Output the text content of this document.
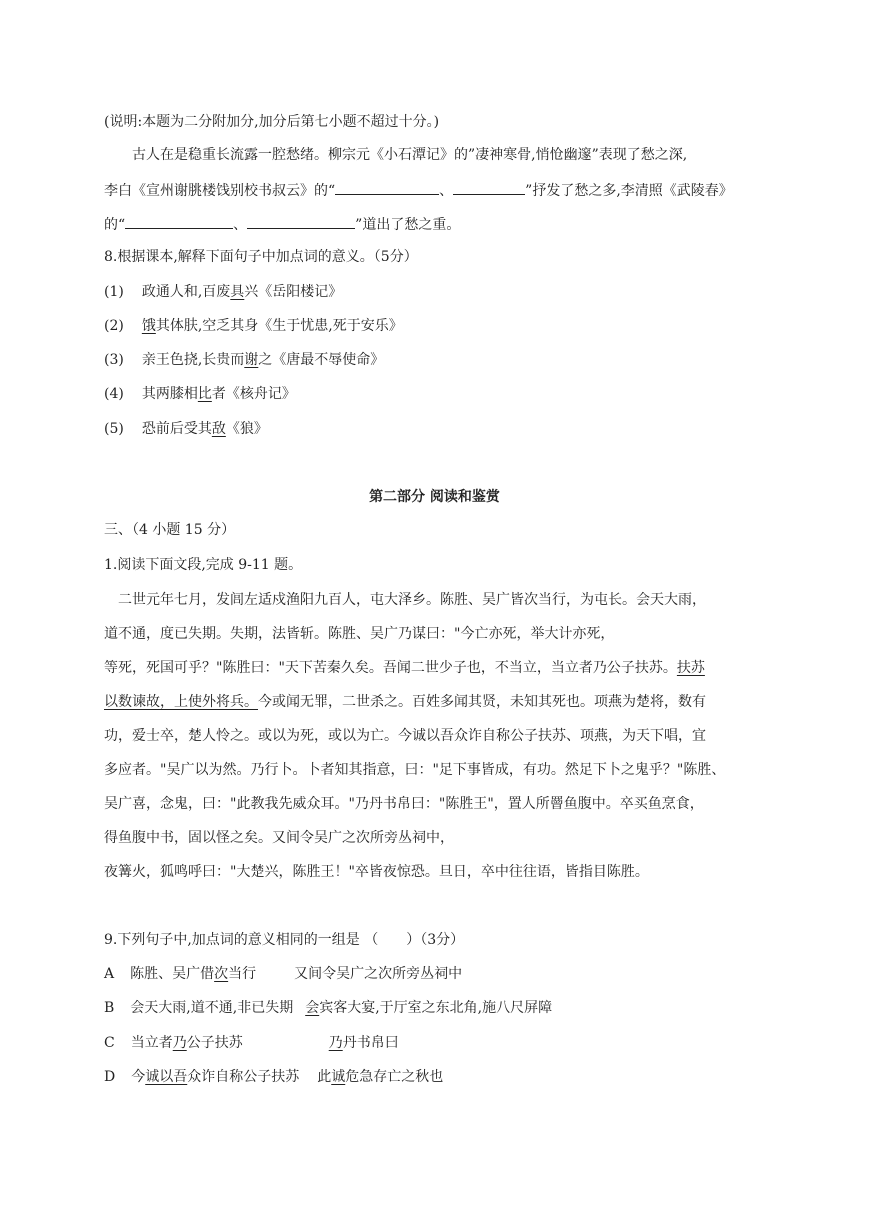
(说明:本题为二分附加分,加分后第七小题不超过十分。)
古人在是稳重长流露一腔愁绪。柳宗元《小石潭记》的”凄神寒骨,悄怆幽邃”表现了愁之深,
李白《宣州谢朓楼饯别校书叔云》的“	、	”抒发了愁之多,李清照《武陵春》
的“	、	”道出了愁之重。
8.根据课本,解释下面句子中加点词的意义。（5分）
(1) 政通人和,百废具兴《岳阳楼记》
(2) 饿其体肤,空乏其身《生于忧患,死于安乐》
(3) 亲王色挠,长贵而谢之《唐最不辱使命》
(4) 其两膝相比者《核舟记》
(5) 恐前后受其敌《狼》
第二部分 阅读和鉴赏
三、（4 小题 15 分）
1.阅读下面文段,完成 9-11 题。
二世元年七月，发闾左适戍渔阳九百人，屯大泽乡。陈胜、吴广皆次当行，为屯长。会天大雨，
道不通，度已失期。失期，法皆斩。陈胜、吴广乃谋曰："今亡亦死，举大计亦死，
等死，死国可乎？"陈胜曰："天下苦秦久矣。吾闻二世少子也，不当立，当立者乃公子扶苏。扶苏
以数谏故，上使外将兵。今或闻无罪，二世杀之。百姓多闻其贤，未知其死也。项燕为楚将，数有
功，爱士卒，楚人怜之。或以为死，或以为亡。今诚以吾众诈自称公子扶苏、项燕，为天下唱，宜
多应者。"吴广以为然。乃行卜。卜者知其指意，曰："足下事皆成，有功。然足下卜之鬼乎？"陈胜、
吴广喜，念鬼，曰："此教我先威众耳。"乃丹书帛曰："陈胜王"，置人所罾鱼腹中。卒买鱼烹食，
得鱼腹中书，固以怪之矣。又间令吴广之次所旁丛祠中，
夜篝火，狐鸣呼曰："大楚兴，陈胜王！"卒皆夜惊恐。旦日，卒中往往语，皆指目陈胜。
9.下列句子中,加点词的意义相同的一组是 （　　）（3分）
A 陈胜、吴广借次当行	又间令吴广之次所旁丛祠中
B 会天大雨,道不通,非已失期 会宾客大宴,于厅室之东北角,施八尺屏障
C 当立者乃公子扶苏	乃丹书帛曰
D 今诚以吾众诈自称公子扶苏 此诚危急存亡之秋也
